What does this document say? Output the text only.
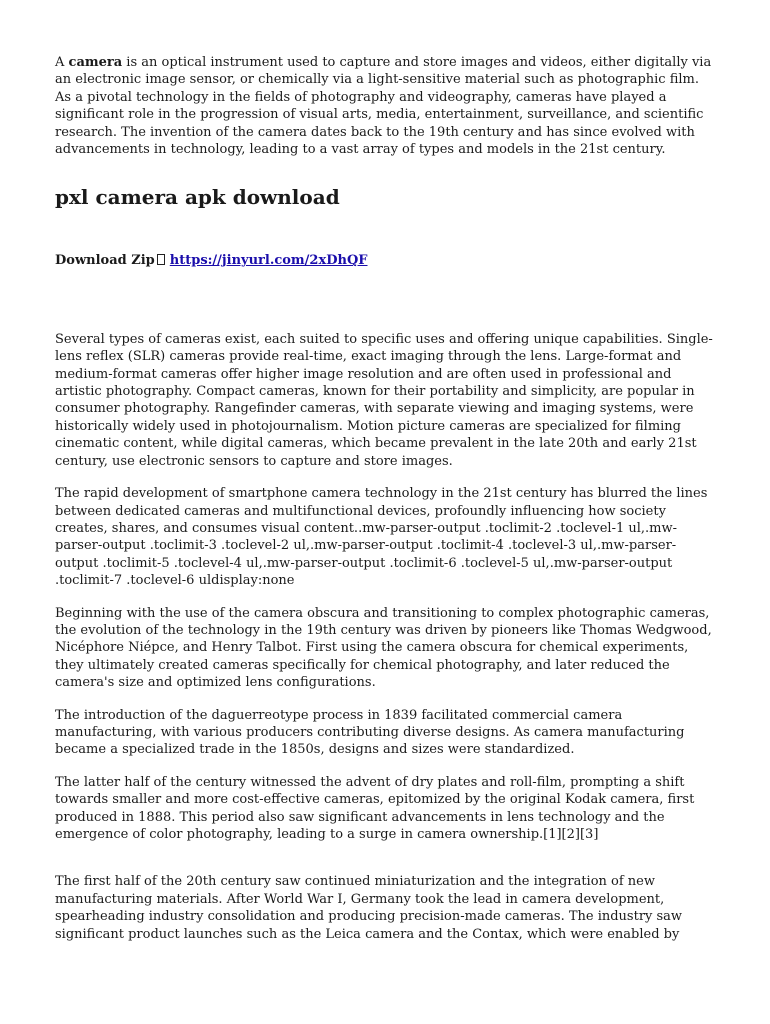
A camera is an optical instrument used to capture and store images and videos, either digitally via an electronic image sensor, or chemically via a light-sensitive material such as photographic film. As a pivotal technology in the fields of photography and videography, cameras have played a significant role in the progression of visual arts, media, entertainment, surveillance, and scientific research. The invention of the camera dates back to the 19th century and has since evolved with advancements in technology, leading to a vast array of types and models in the 21st century.

pxl camera apk download

Download Zip https://jinyurl.com/2xDhQF

Several types of cameras exist, each suited to specific uses and offering unique capabilities. Single-lens reflex (SLR) cameras provide real-time, exact imaging through the lens. Large-format and medium-format cameras offer higher image resolution and are often used in professional and artistic photography. Compact cameras, known for their portability and simplicity, are popular in consumer photography. Rangefinder cameras, with separate viewing and imaging systems, were historically widely used in photojournalism. Motion picture cameras are specialized for filming cinematic content, while digital cameras, which became prevalent in the late 20th and early 21st century, use electronic sensors to capture and store images.

The rapid development of smartphone camera technology in the 21st century has blurred the lines between dedicated cameras and multifunctional devices, profoundly influencing how society creates, shares, and consumes visual content..mw-parser-output .toclimit-2 .toclevel-1 ul,.mw-parser-output .toclimit-3 .toclevel-2 ul,.mw-parser-output .toclimit-4 .toclevel-3 ul,.mw-parser-output .toclimit-5 .toclevel-4 ul,.mw-parser-output .toclimit-6 .toclevel-5 ul,.mw-parser-output .toclimit-7 .toclevel-6 uldisplay:none

Beginning with the use of the camera obscura and transitioning to complex photographic cameras, the evolution of the technology in the 19th century was driven by pioneers like Thomas Wedgwood, Nicéphore Niépce, and Henry Talbot. First using the camera obscura for chemical experiments, they ultimately created cameras specifically for chemical photography, and later reduced the camera's size and optimized lens configurations.

The introduction of the daguerreotype process in 1839 facilitated commercial camera manufacturing, with various producers contributing diverse designs. As camera manufacturing became a specialized trade in the 1850s, designs and sizes were standardized.

The latter half of the century witnessed the advent of dry plates and roll-film, prompting a shift towards smaller and more cost-effective cameras, epitomized by the original Kodak camera, first produced in 1888. This period also saw significant advancements in lens technology and the emergence of color photography, leading to a surge in camera ownership.[1][2][3]

The first half of the 20th century saw continued miniaturization and the integration of new manufacturing materials. After World War I, Germany took the lead in camera development, spearheading industry consolidation and producing precision-made cameras. The industry saw significant product launches such as the Leica camera and the Contax, which were enabled by
